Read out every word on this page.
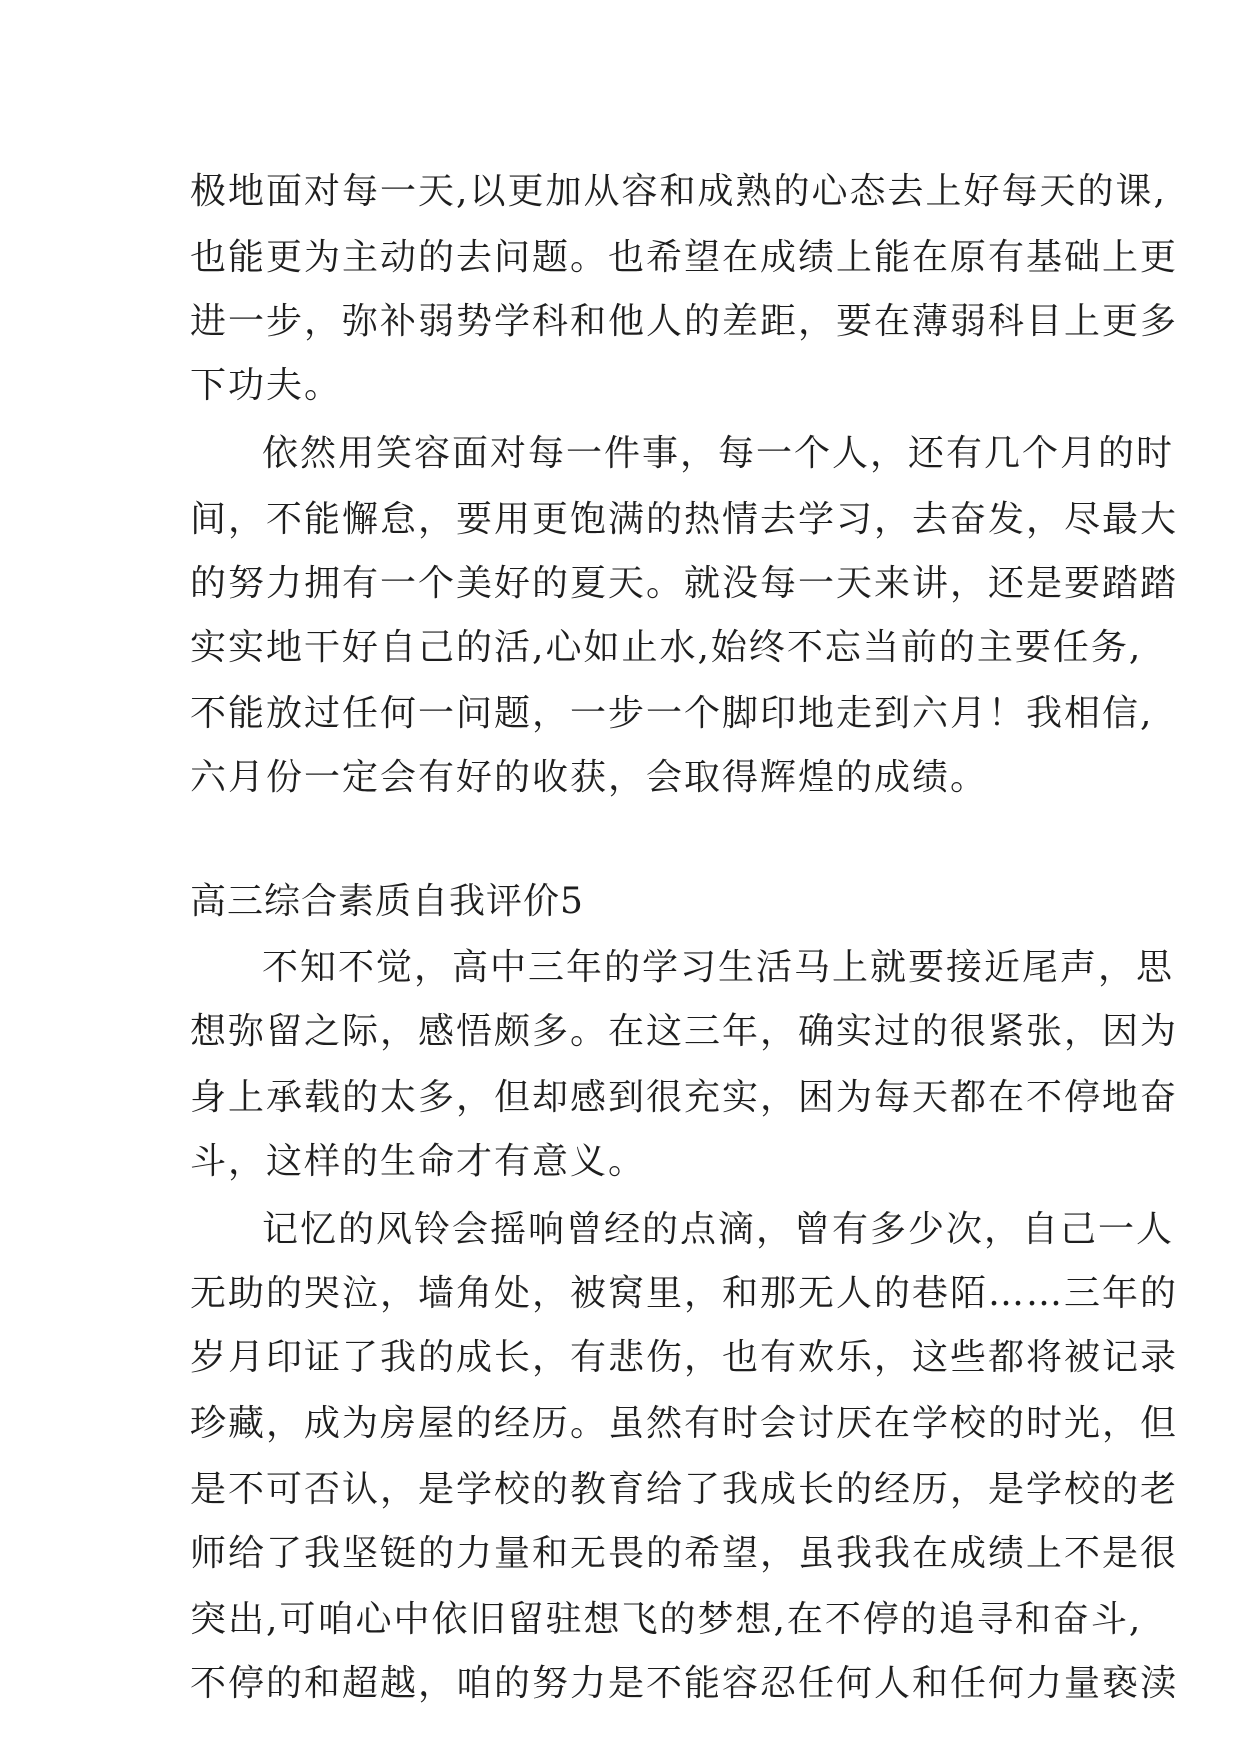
极地面对每一天,以更加从容和成熟的心态去上好每天的课,
也能更为主动的去问题。也希望在成绩上能在原有基础上更
进一步，弥补弱势学科和他人的差距，要在薄弱科目上更多
下功夫。
依然用笑容面对每一件事，每一个人，还有几个月的时
间，不能懈怠，要用更饱满的热情去学习，去奋发，尽最大
的努力拥有一个美好的夏天。就没每一天来讲，还是要踏踏
实实地干好自己的活,心如止水,始终不忘当前的主要任务,
不能放过任何一问题，一步一个脚印地走到六月！我相信,
六月份一定会有好的收获，会取得辉煌的成绩。
高三综合素质自我评价5
不知不觉，高中三年的学习生活马上就要接近尾声，思
想弥留之际，感悟颇多。在这三年，确实过的很紧张，因为
身上承载的太多，但却感到很充实，困为每天都在不停地奋
斗，这样的生命才有意义。
记忆的风铃会摇响曾经的点滴，曾有多少次，自己一人
无助的哭泣，墙角处，被窝里，和那无人的巷陌……三年的
岁月印证了我的成长，有悲伤，也有欢乐，这些都将被记录
珍藏，成为房屋的经历。虽然有时会讨厌在学校的时光，但
是不可否认，是学校的教育给了我成长的经历，是学校的老
师给了我坚铤的力量和无畏的希望，虽我我在成绩上不是很
突出,可咱心中依旧留驻想飞的梦想,在不停的追寻和奋斗,
不停的和超越，咱的努力是不能容忍任何人和任何力量亵渎
